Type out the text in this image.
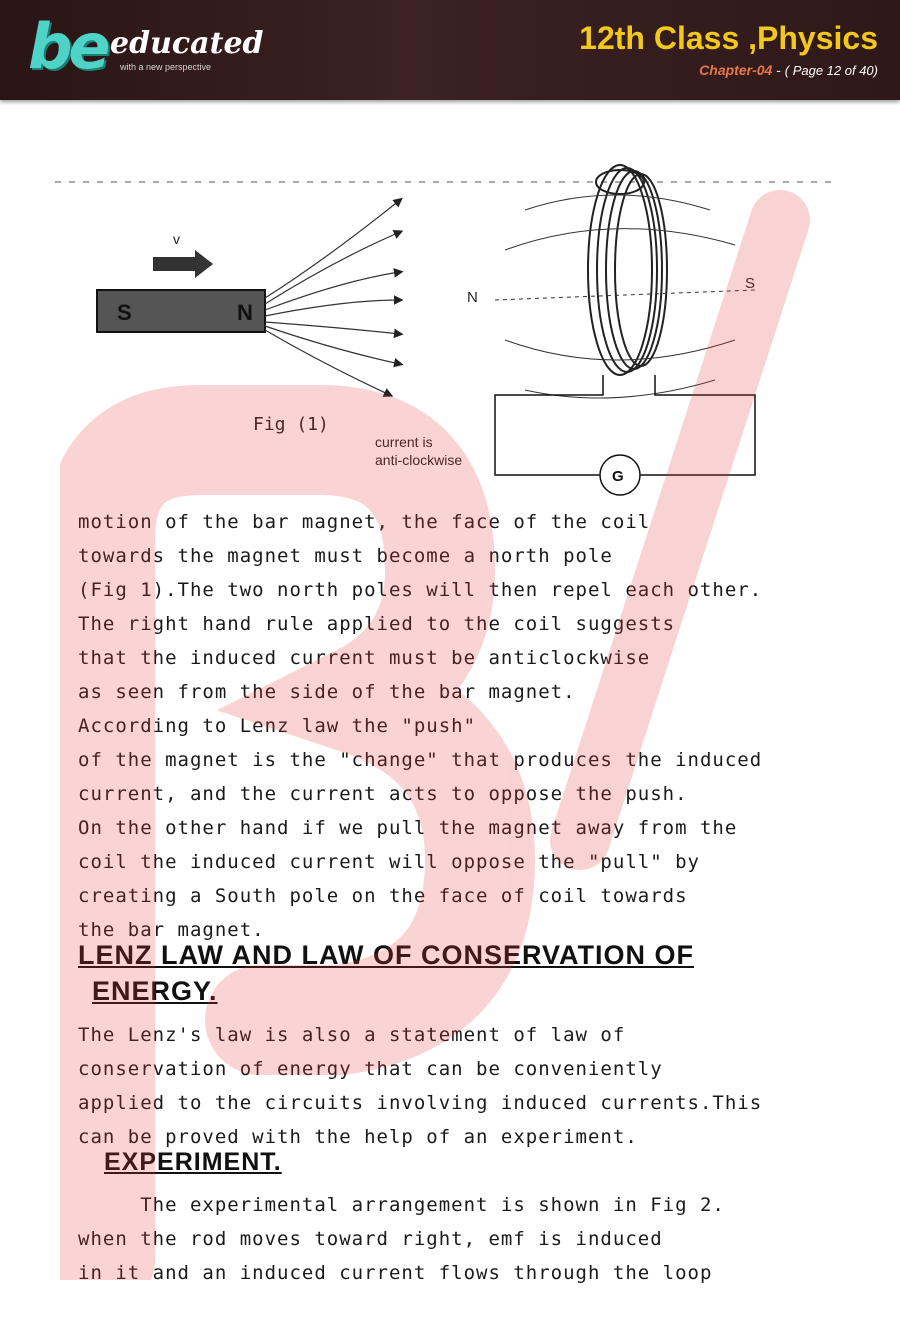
be educated
with a new perspective
12th Class ,Physics
Chapter-04 - ( Page 12 of 40)
v
S	N
Fig (1)
N
S
G
current is
anti-clockwise
motion of the bar magnet, the face of the coil
towards the magnet must become a north pole
(Fig 1).The two north poles will then repel each other.
The right hand rule applied to the coil suggests
that the induced current must be anticlockwise
as seen from the side of the bar magnet.
According to Lenz law the "push"
of the magnet is the "change" that produces the induced
current, and the current acts to oppose the push.
On the other hand if we pull the magnet away from the
coil the induced current will oppose the "pull" by
creating a South pole on the face of coil towards
the bar magnet.
LENZ LAW AND LAW OF CONSERVATION OF
ENERGY.
The Lenz's law is also a statement of law of
conservation of energy that can be conveniently
applied to the circuits involving induced currents.This
can be proved with the help of an experiment.
EXPERIMENT.
The experimental arrangement is shown in Fig 2.
when the rod moves toward right, emf is induced
in it and an induced current flows through the loop
